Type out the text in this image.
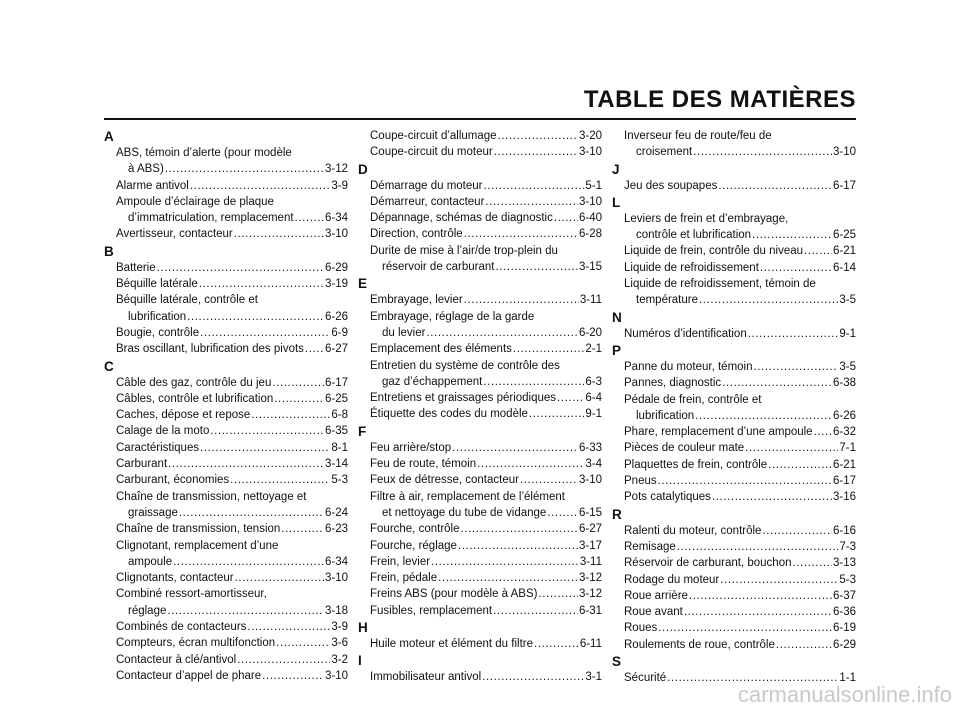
TABLE DES MATIÈRES
A
ABS, témoin d’alerte (pour modèle
à ABS) .....	3-12
Alarme antivol .....	3-9
Ampoule d’éclairage de plaque
d’immatriculation, remplacement .....	6-34
Avertisseur, contacteur .....	3-10
B
Batterie .....	6-29
Béquille latérale .....	3-19
Béquille latérale, contrôle et
lubrification .....	6-26
Bougie, contrôle .....	6-9
Bras oscillant, lubrification des pivots ..... 6-27
C
Câble des gaz, contrôle du jeu .....	6-17
Câbles, contrôle et lubrification .....	6-25
Caches, dépose et repose .....	6-8
Calage de la moto .....	6-35
Caractéristiques .....	8-1
Carburant .....	3-14
Carburant, économies .....	5-3
Chaîne de transmission, nettoyage et
graissage .....	6-24
Chaîne de transmission, tension .....	6-23
Clignotant, remplacement d’une
ampoule .....	6-34
Clignotants, contacteur .....	3-10
Combiné ressort-amortisseur,
réglage .....	3-18
Combinés de contacteurs .....	3-9
Compteurs, écran multifonction .....	3-6
Contacteur à clé/antivol .....	3-2
Contacteur d’appel de phare .....	3-10
Coupe-circuit d’allumage .....	3-20
Coupe-circuit du moteur .....	3-10
D
Démarrage du moteur .....	5-1
Démarreur, contacteur .....	3-10
Dépannage, schémas de diagnostic ..... 6-40
Direction, contrôle .....	6-28
Durite de mise à l’air/de trop-plein du
réservoir de carburant .....	3-15
E
Embrayage, levier .....	3-11
Embrayage, réglage de la garde
du levier .....	6-20
Emplacement des éléments .....	2-1
Entretien du système de contrôle des
gaz d’échappement .....	6-3
Entretiens et graissages périodiques .....	6-4
Étiquette des codes du modèle .....	9-1
F
Feu arrière/stop .....	6-33
Feu de route, témoin .....	3-4
Feux de détresse, contacteur .....	3-10
Filtre à air, remplacement de l’élément
et nettoyage du tube de vidange .....	6-15
Fourche, contrôle .....	6-27
Fourche, réglage .....	3-17
Frein, levier .....	3-11
Frein, pédale .....	3-12
Freins ABS (pour modèle à ABS) .....	3-12
Fusibles, remplacement .....	6-31
H
Huile moteur et élément du filtre .....	6-11
I
Immobilisateur antivol .....	3-1
Inverseur feu de route/feu de
croisement .....	3-10
J
Jeu des soupapes .....	6-17
L
Leviers de frein et d’embrayage,
contrôle et lubrification .....	6-25
Liquide de frein, contrôle du niveau .....	6-21
Liquide de refroidissement .....	6-14
Liquide de refroidissement, témoin de
température .....	3-5
N
Numéros d’identification .....	9-1
P
Panne du moteur, témoin .....	3-5
Pannes, diagnostic .....	6-38
Pédale de frein, contrôle et
lubrification .....	6-26
Phare, remplacement d’une ampoule ..... 6-32
Pièces de couleur mate .....	7-1
Plaquettes de frein, contrôle .....	6-21
Pneus .....	6-17
Pots catalytiques .....	3-16
R
Ralenti du moteur, contrôle .....	6-16
Remisage .....	7-3
Réservoir de carburant, bouchon .....	3-13
Rodage du moteur .....	5-3
Roue arrière .....	6-37
Roue avant .....	6-36
Roues .....	6-19
Roulements de roue, contrôle .....	6-29
S
Sécurité .....	1-1

carmanualsonline.info
